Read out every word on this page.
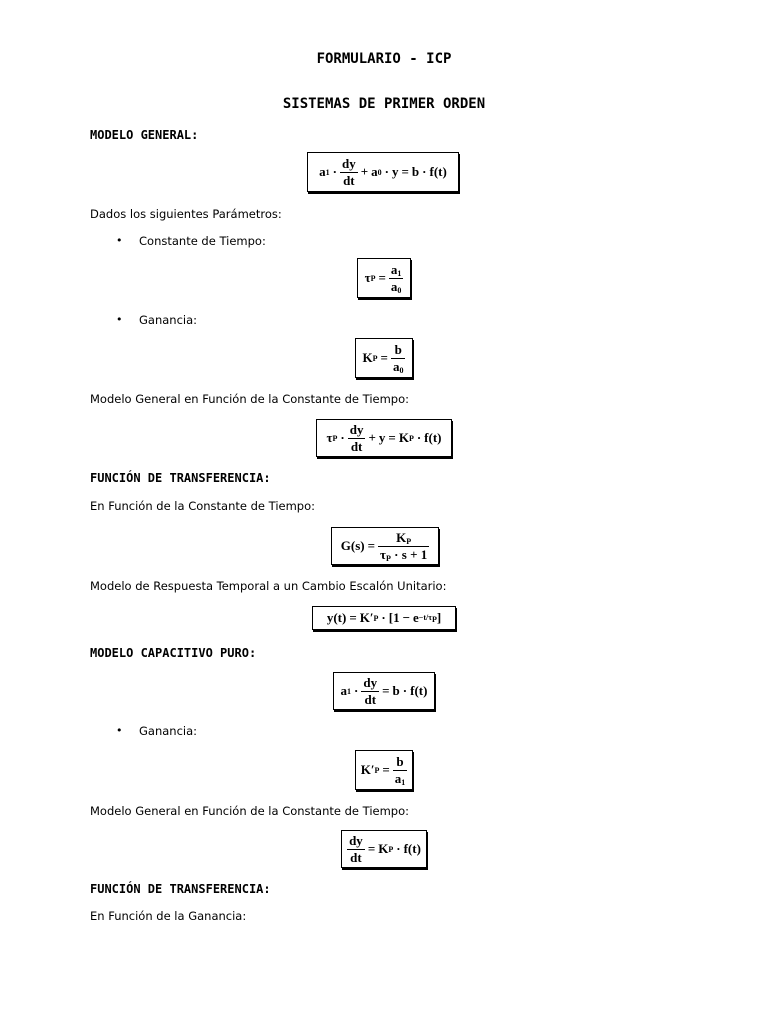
FORMULARIO - ICP
SISTEMAS DE PRIMER ORDEN
MODELO GENERAL:
a $1 \cdot \frac{dy}{dt} + a$ 0 · y = b · f(t)
Dados los siguientes Parámetros:
• Constante de Tiempo:
τ $P = \frac{a_1}{a_0}$
• Ganancia:
K $P = \frac{b}{a_0}$
Modelo General en Función de la Constante de Tiempo:
τ $P \cdot \frac{dy}{dt} + y = K$ P · f(t)
FUNCIÓN DE TRANSFERENCIA:
En Función de la Constante de Tiempo:
$G(s) = \frac{K_P}{\tau_P \cdot s + 1}$
Modelo de Respuesta Temporal a un Cambio Escalón Unitario:
y(t) = K′ $P \cdot [1 - e -t/\tau_P$ ]
MODELO CAPACITIVO PURO:
a $1 \cdot \frac{dy}{dt} = b \cdot f(t)$
• Ganancia:
K′ $P = \frac{b}{a_1}$
Modelo General en Función de la Constante de Tiempo:
$\frac{dy}{dt} = K$ P · f(t)
FUNCIÓN DE TRANSFERENCIA:
En Función de la Ganancia:
